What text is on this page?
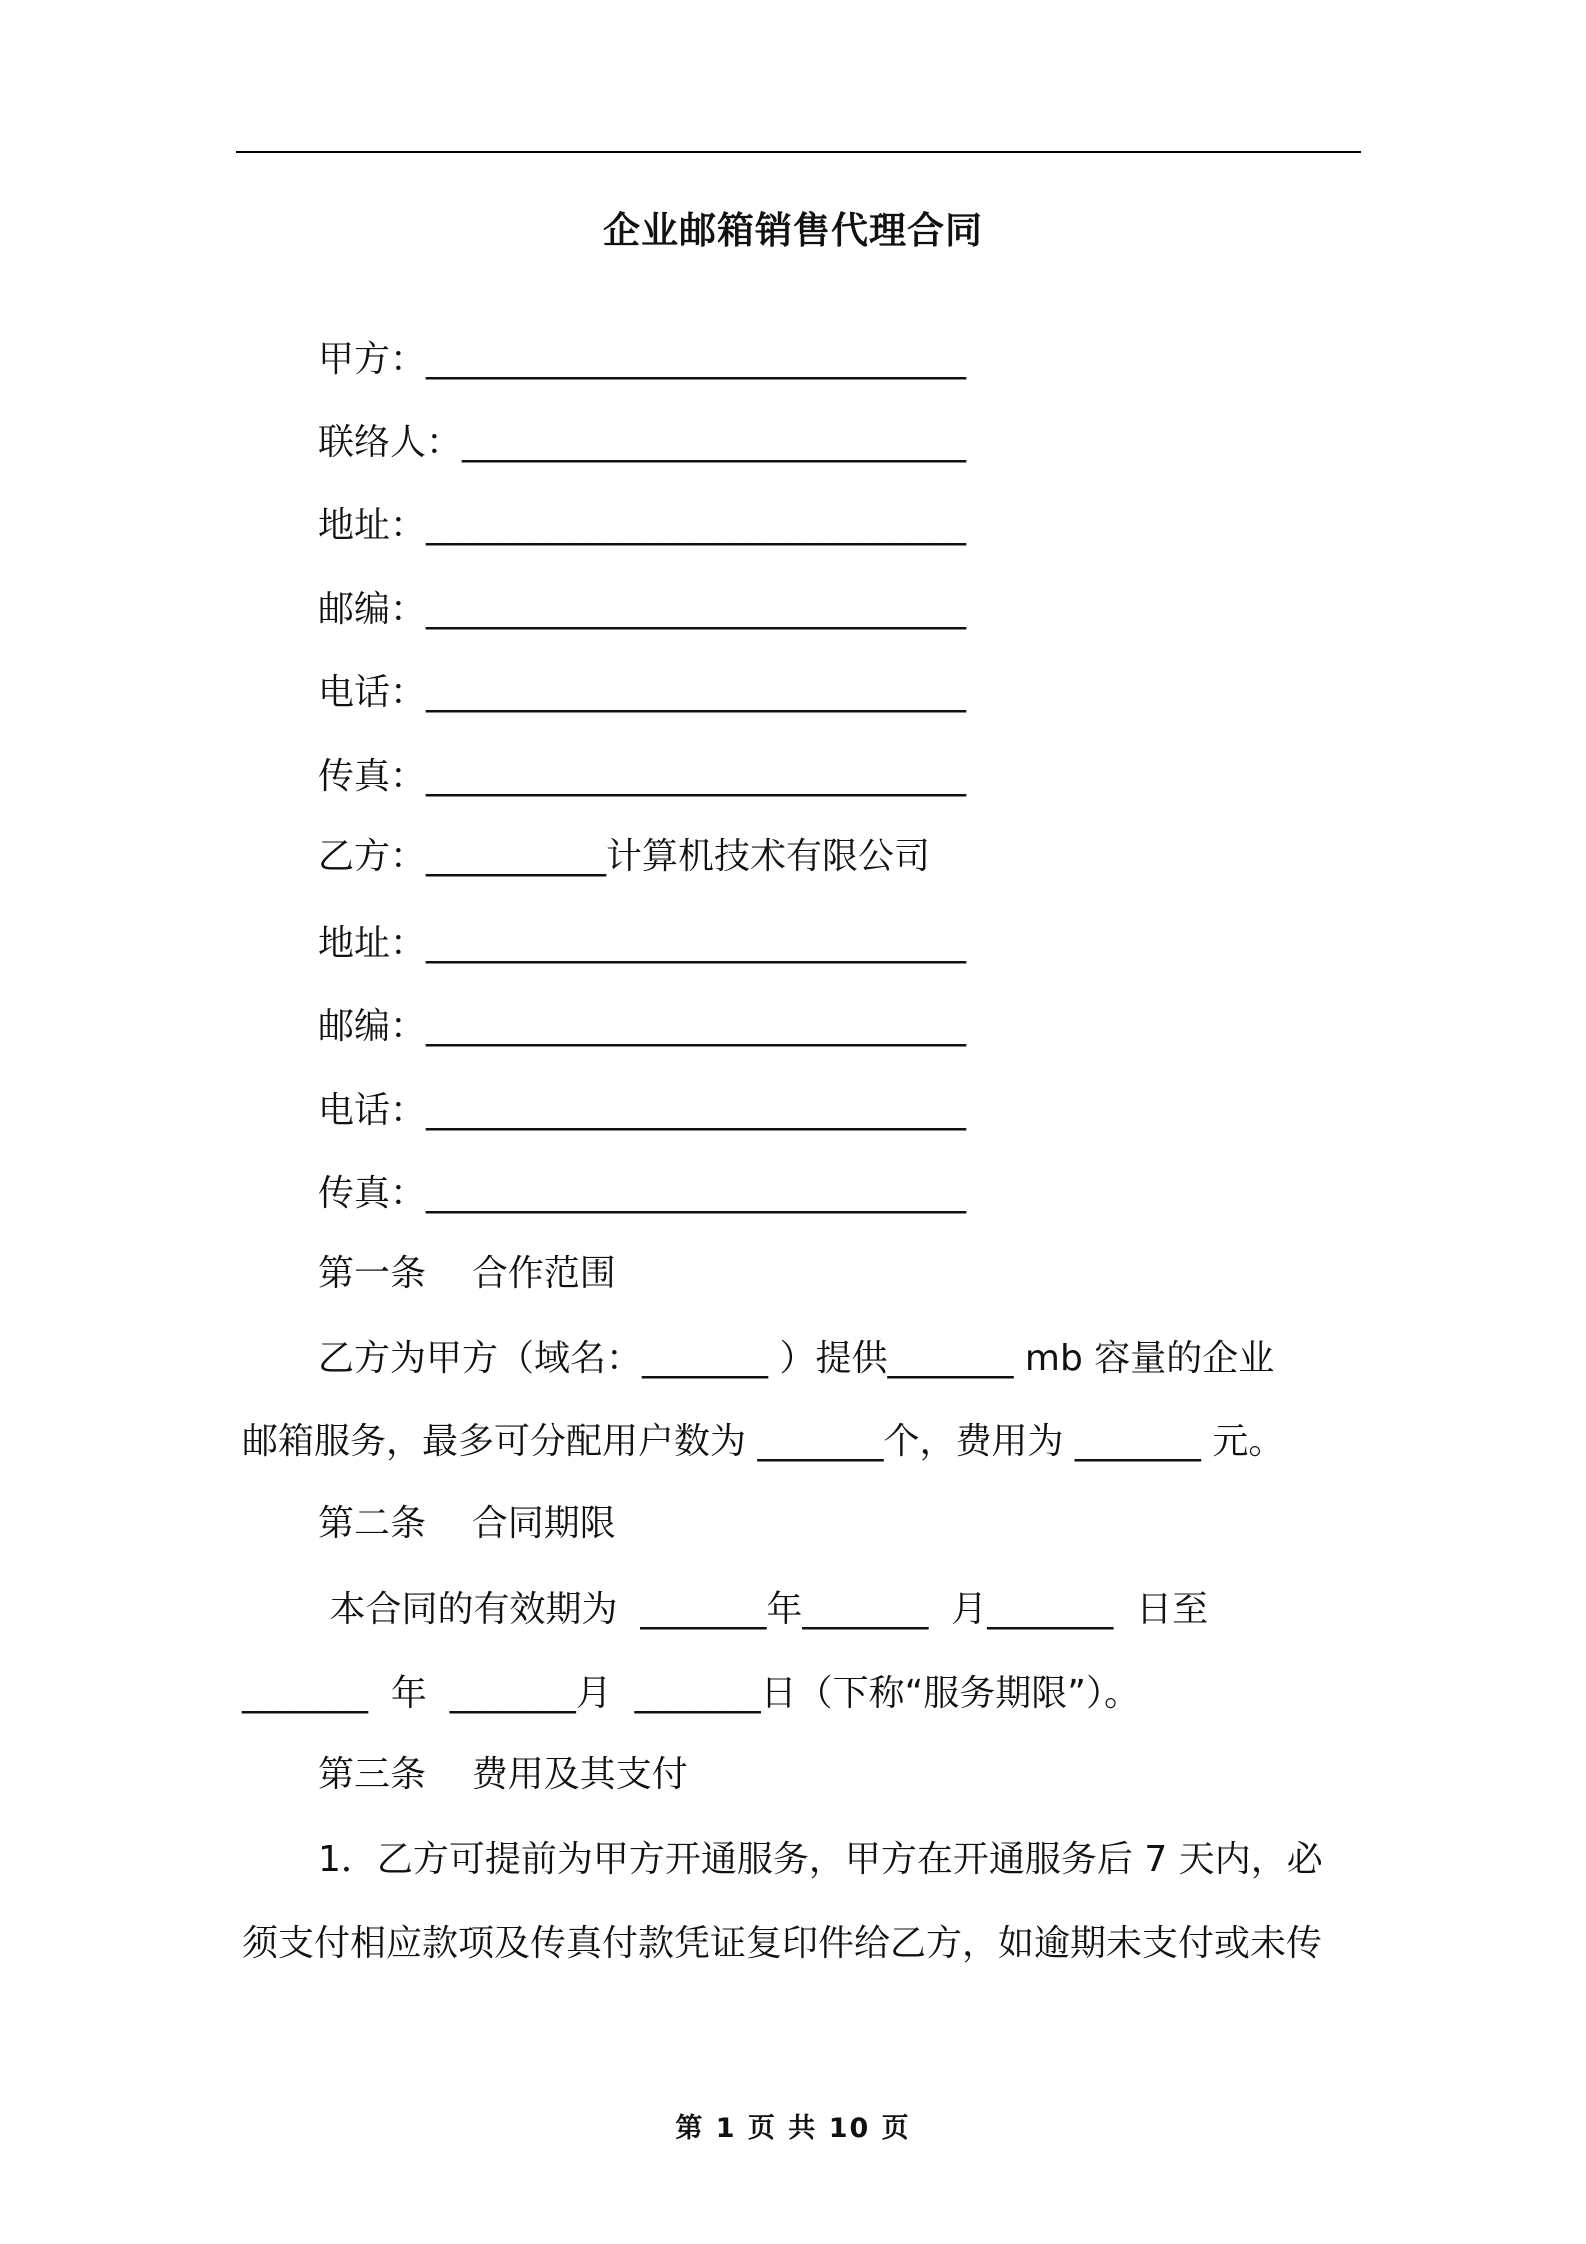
企业邮箱销售代理合同
甲方：______________________________
联络人：____________________________
地址：______________________________
邮编：______________________________
电话：______________________________
传真：______________________________
乙方：__________计算机技术有限公司
地址：______________________________
邮编：______________________________
电话：______________________________
传真：______________________________
第一条    合作范围
乙方为甲方（域名：_______ ）提供_______ mb 容量的企业
邮箱服务，最多可分配用户数为 _______个，费用为 _______ 元。
第二条    合同期限
本合同的有效期为  _______年_______  月_______  日至
_______  年  _______月  _______日（下称“服务期限”）。
第三条    费用及其支付
1．乙方可提前为甲方开通服务，甲方在开通服务后 7 天内，必
须支付相应款项及传真付款凭证复印件给乙方，如逾期未支付或未传
第 1 页 共 10 页
